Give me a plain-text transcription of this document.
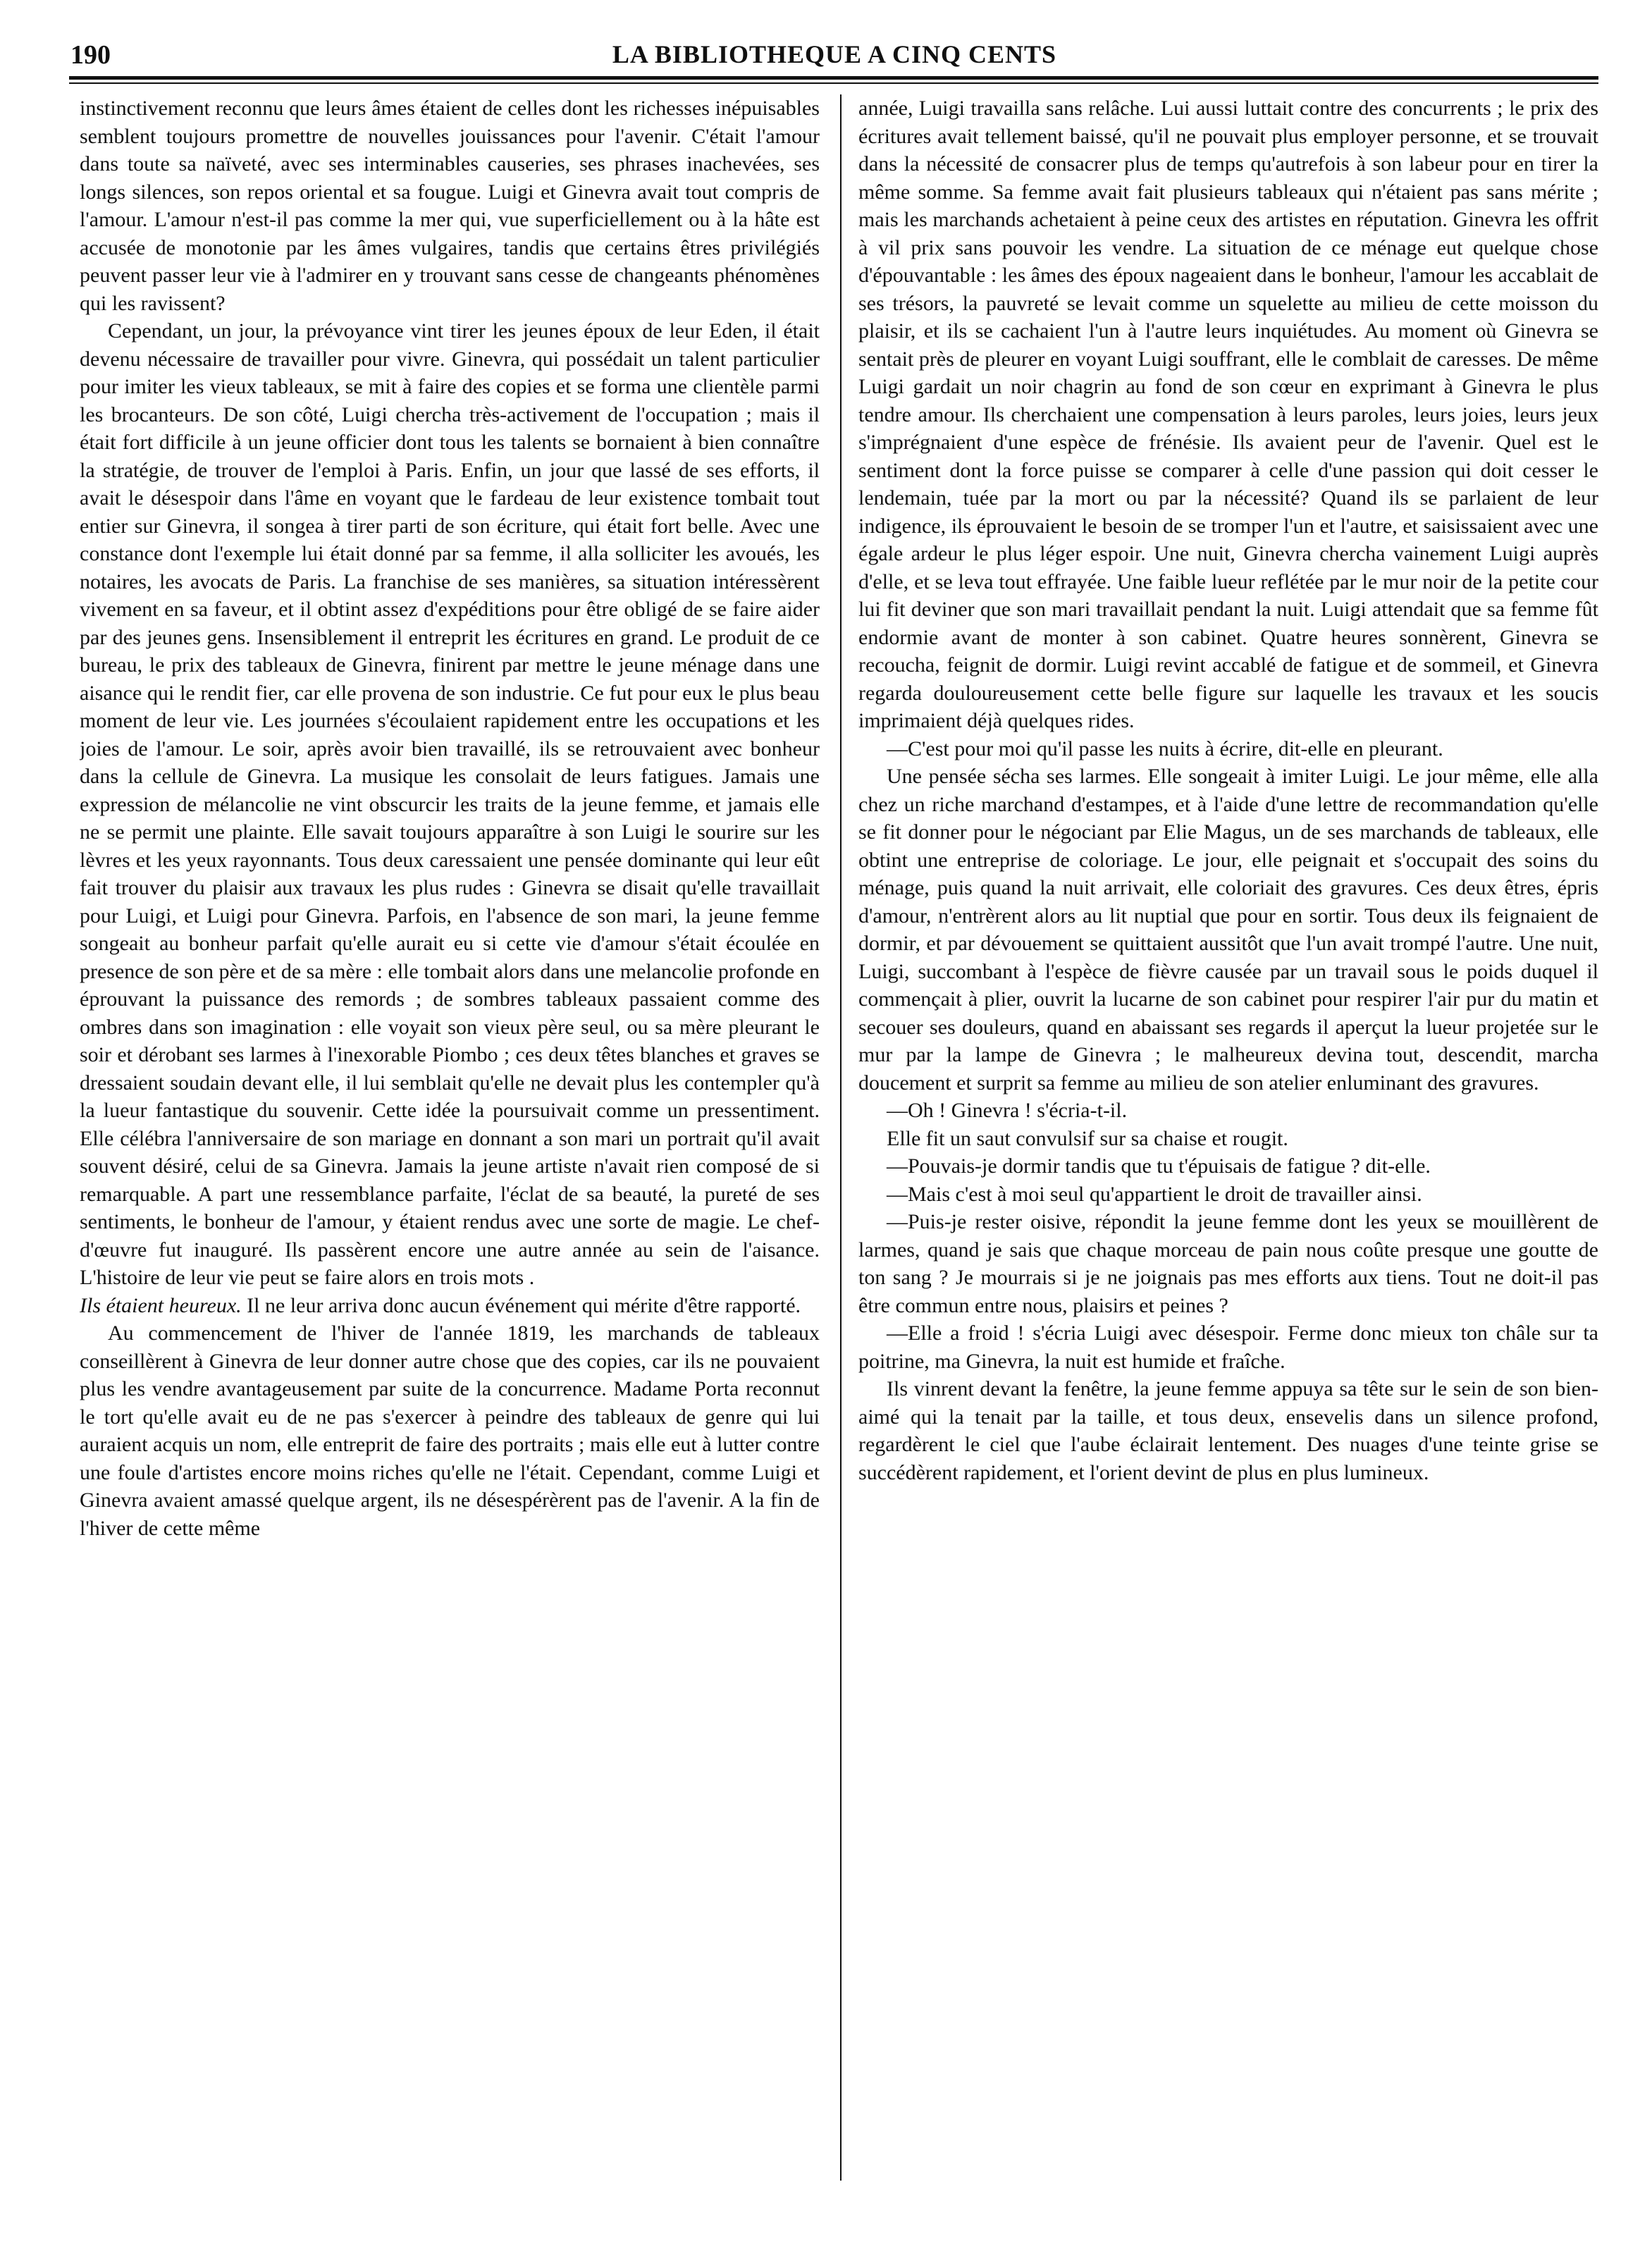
190	LA BIBLIOTHEQUE A CINQ CENTS

instinctivement reconnu que leurs âmes étaient de celles dont les richesses inépuisables semblent toujours promettre de nouvelles jouissances pour l'avenir. C'était l'amour dans toute sa naïveté, avec ses interminables causeries, ses phrases inachevées, ses longs silences, son repos oriental et sa fougue. Luigi et Ginevra avait tout compris de l'amour. L'amour n'est-il pas comme la mer qui, vue superficiellement ou à la hâte est accusée de monotonie par les âmes vulgaires, tandis que certains êtres privilégiés peuvent passer leur vie à l'admirer en y trouvant sans cesse de changeants phénomènes qui les ravissent?

Cependant, un jour, la prévoyance vint tirer les jeunes époux de leur Eden, il était devenu nécessaire de travailler pour vivre. Ginevra, qui possédait un talent particulier pour imiter les vieux tableaux, se mit à faire des copies et se forma une clientèle parmi les brocanteurs. De son côté, Luigi chercha très-activement de l'occupation ; mais il était fort difficile à un jeune officier dont tous les talents se bornaient à bien connaître la stratégie, de trouver de l'emploi à Paris. Enfin, un jour que lassé de ses efforts, il avait le désespoir dans l'âme en voyant que le fardeau de leur existence tombait tout entier sur Ginevra, il songea à tirer parti de son écriture, qui était fort belle. Avec une constance dont l'exemple lui était donné par sa femme, il alla solliciter les avoués, les notaires, les avocats de Paris. La franchise de ses manières, sa situation intéressèrent vivement en sa faveur, et il obtint assez d'expéditions pour être obligé de se faire aider par des jeunes gens. Insensiblement il entreprit les écritures en grand. Le produit de ce bureau, le prix des tableaux de Ginevra, finirent par mettre le jeune ménage dans une aisance qui le rendit fier, car elle provena de son industrie. Ce fut pour eux le plus beau moment de leur vie. Les journées s'écoulaient rapidement entre les occupations et les joies de l'amour. Le soir, après avoir bien travaillé, ils se retrouvaient avec bonheur dans la cellule de Ginevra. La musique les consolait de leurs fatigues. Jamais une expression de mélancolie ne vint obscurcir les traits de la jeune femme, et jamais elle ne se permit une plainte. Elle savait toujours apparaître à son Luigi le sourire sur les lèvres et les yeux rayonnants. Tous deux caressaient une pensée dominante qui leur eût fait trouver du plaisir aux travaux les plus rudes : Ginevra se disait qu'elle travaillait pour Luigi, et Luigi pour Ginevra. Parfois, en l'absence de son mari, la jeune femme songeait au bonheur parfait qu'elle aurait eu si cette vie d'amour s'était écoulée en presence de son père et de sa mère : elle tombait alors dans une melancolie profonde en éprouvant la puissance des remords ; de sombres tableaux passaient comme des ombres dans son imagination : elle voyait son vieux père seul, ou sa mère pleurant le soir et dérobant ses larmes à l'inexorable Piombo ; ces deux têtes blanches et graves se dressaient soudain devant elle, il lui semblait qu'elle ne devait plus les contempler qu'à la lueur fantastique du souvenir. Cette idée la poursuivait comme un pressentiment. Elle célébra l'anniversaire de son mariage en donnant a son mari un portrait qu'il avait souvent désiré, celui de sa Ginevra. Jamais la jeune artiste n'avait rien composé de si remarquable. A part une ressemblance parfaite, l'éclat de sa beauté, la pureté de ses sentiments, le bonheur de l'amour, y étaient rendus avec une sorte de magie. Le chef-d'œuvre fut inauguré. Ils passèrent encore une autre année au sein de l'aisance. L'histoire de leur vie peut se faire alors en trois mots .

Ils étaient heureux. Il ne leur arriva donc aucun événement qui mérite d'être rapporté.

Au commencement de l'hiver de l'année 1819, les marchands de tableaux conseillèrent à Ginevra de leur donner autre chose que des copies, car ils ne pouvaient plus les vendre avantageusement par suite de la concurrence. Madame Porta reconnut le tort qu'elle avait eu de ne pas s'exercer à peindre des tableaux de genre qui lui auraient acquis un nom, elle entreprit de faire des portraits ; mais elle eut à lutter contre une foule d'artistes encore moins riches qu'elle ne l'était. Cependant, comme Luigi et Ginevra avaient amassé quelque argent, ils ne désespérèrent pas de l'avenir. A la fin de l'hiver de cette même

année, Luigi travailla sans relâche. Lui aussi luttait contre des concurrents ; le prix des écritures avait tellement baissé, qu'il ne pouvait plus employer personne, et se trouvait dans la nécessité de consacrer plus de temps qu'autrefois à son labeur pour en tirer la même somme. Sa femme avait fait plusieurs tableaux qui n'étaient pas sans mérite ; mais les marchands achetaient à peine ceux des artistes en réputation. Ginevra les offrit à vil prix sans pouvoir les vendre. La situation de ce ménage eut quelque chose d'épouvantable : les âmes des époux nageaient dans le bonheur, l'amour les accablait de ses trésors, la pauvreté se levait comme un squelette au milieu de cette moisson du plaisir, et ils se cachaient l'un à l'autre leurs inquiétudes. Au moment où Ginevra se sentait près de pleurer en voyant Luigi souffrant, elle le comblait de caresses. De même Luigi gardait un noir chagrin au fond de son cœur en exprimant à Ginevra le plus tendre amour. Ils cherchaient une compensation à leurs paroles, leurs joies, leurs jeux s'imprégnaient d'une espèce de frénésie. Ils avaient peur de l'avenir. Quel est le sentiment dont la force puisse se comparer à celle d'une passion qui doit cesser le lendemain, tuée par la mort ou par la nécessité? Quand ils se parlaient de leur indigence, ils éprouvaient le besoin de se tromper l'un et l'autre, et saisissaient avec une égale ardeur le plus léger espoir. Une nuit, Ginevra chercha vainement Luigi auprès d'elle, et se leva tout effrayée. Une faible lueur reflétée par le mur noir de la petite cour lui fit deviner que son mari travaillait pendant la nuit. Luigi attendait que sa femme fût endormie avant de monter à son cabinet. Quatre heures sonnèrent, Ginevra se recoucha, feignit de dormir. Luigi revint accablé de fatigue et de sommeil, et Ginevra regarda douloureusement cette belle figure sur laquelle les travaux et les soucis imprimaient déjà quelques rides.

—C'est pour moi qu'il passe les nuits à écrire, dit-elle en pleurant.

Une pensée sécha ses larmes. Elle songeait à imiter Luigi. Le jour même, elle alla chez un riche marchand d'estampes, et à l'aide d'une lettre de recommandation qu'elle se fit donner pour le négociant par Elie Magus, un de ses marchands de tableaux, elle obtint une entreprise de coloriage. Le jour, elle peignait et s'occupait des soins du ménage, puis quand la nuit arrivait, elle coloriait des gravures. Ces deux êtres, épris d'amour, n'entrèrent alors au lit nuptial que pour en sortir. Tous deux ils feignaient de dormir, et par dévouement se quittaient aussitôt que l'un avait trompé l'autre. Une nuit, Luigi, succombant à l'espèce de fièvre causée par un travail sous le poids duquel il commençait à plier, ouvrit la lucarne de son cabinet pour respirer l'air pur du matin et secouer ses douleurs, quand en abaissant ses regards il aperçut la lueur projetée sur le mur par la lampe de Ginevra ; le malheureux devina tout, descendit, marcha doucement et surprit sa femme au milieu de son atelier enluminant des gravures.

—Oh ! Ginevra ! s'écria-t-il.

Elle fit un saut convulsif sur sa chaise et rougit.

—Pouvais-je dormir tandis que tu t'épuisais de fatigue ? dit-elle.

—Mais c'est à moi seul qu'appartient le droit de travailler ainsi.

—Puis-je rester oisive, répondit la jeune femme dont les yeux se mouillèrent de larmes, quand je sais que chaque morceau de pain nous coûte presque une goutte de ton sang ? Je mourrais si je ne joignais pas mes efforts aux tiens. Tout ne doit-il pas être commun entre nous, plaisirs et peines ?

—Elle a froid ! s'écria Luigi avec désespoir. Ferme donc mieux ton châle sur ta poitrine, ma Ginevra, la nuit est humide et fraîche.

Ils vinrent devant la fenêtre, la jeune femme appuya sa tête sur le sein de son bien-aimé qui la tenait par la taille, et tous deux, ensevelis dans un silence profond, regardèrent le ciel que l'aube éclairait lentement. Des nuages d'une teinte grise se succédèrent rapidement, et l'orient devint de plus en plus lumineux.
